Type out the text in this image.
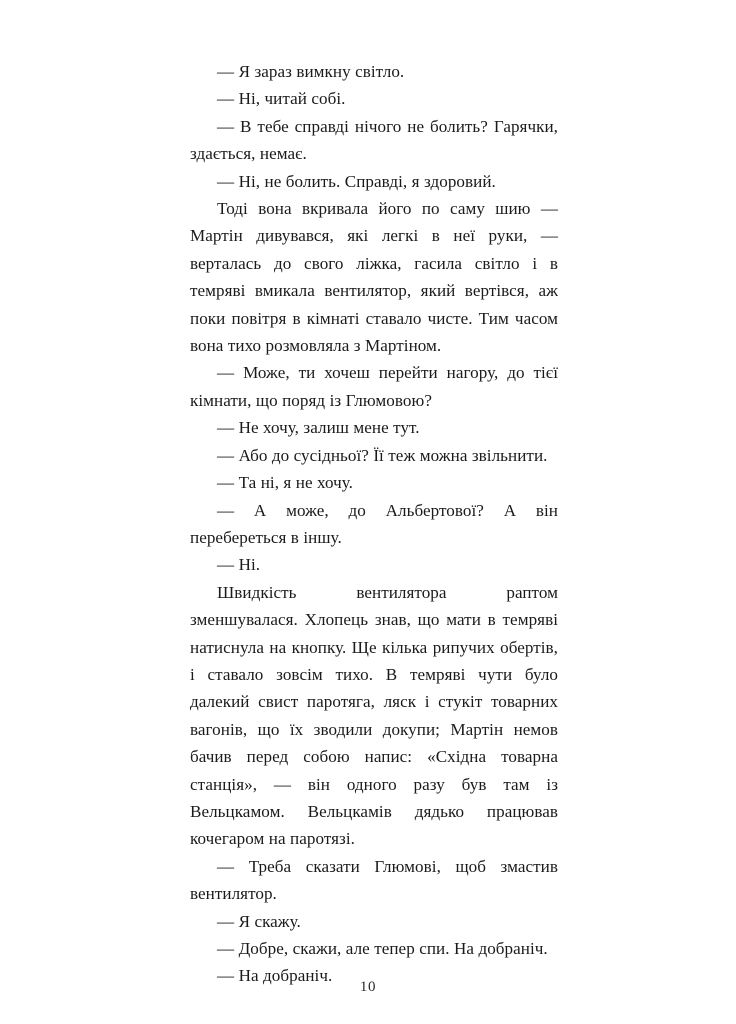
— Я зараз вимкну світло.

— Ні, читай собі.

— В тебе справді нічого не болить? Гарячки, здається, немає.

— Ні, не болить. Справді, я здоровий.

Тоді вона вкривала його по саму шию — Мартін дивувався, які легкі в неї руки, — верталась до свого ліжка, гасила світло і в темряві вмикала вентилятор, який вертівся, аж поки повітря в кімнаті ставало чисте. Тим часом вона тихо розмовляла з Мартіном.

— Може, ти хочеш перейти нагору, до тієї кімнати, що поряд із Глюмовою?

— Не хочу, залиш мене тут.

— Або до сусідньої? Її теж можна звільнити.

— Та ні, я не хочу.

— А може, до Альбертової? А він перебереться в іншу.

— Ні.

Швидкість вентилятора раптом зменшувалася. Хлопець знав, що мати в темряві натиснула на кнопку. Ще кілька рипучих обертів, і ставало зовсім тихо. В темряві чути було далекий свист паротяга, ляск і стукіт товарних вагонів, що їх зводили докупи; Мартін немов бачив перед собою напис: «Східна товарна станція», — він одного разу був там із Вельцкамом. Вельцкамів дядько працював кочегаром на паротязі.

— Треба сказати Глюмові, щоб змастив вентилятор.

— Я скажу.

— Добре, скажи, але тепер спи. На добраніч.

— На добраніч.

10
